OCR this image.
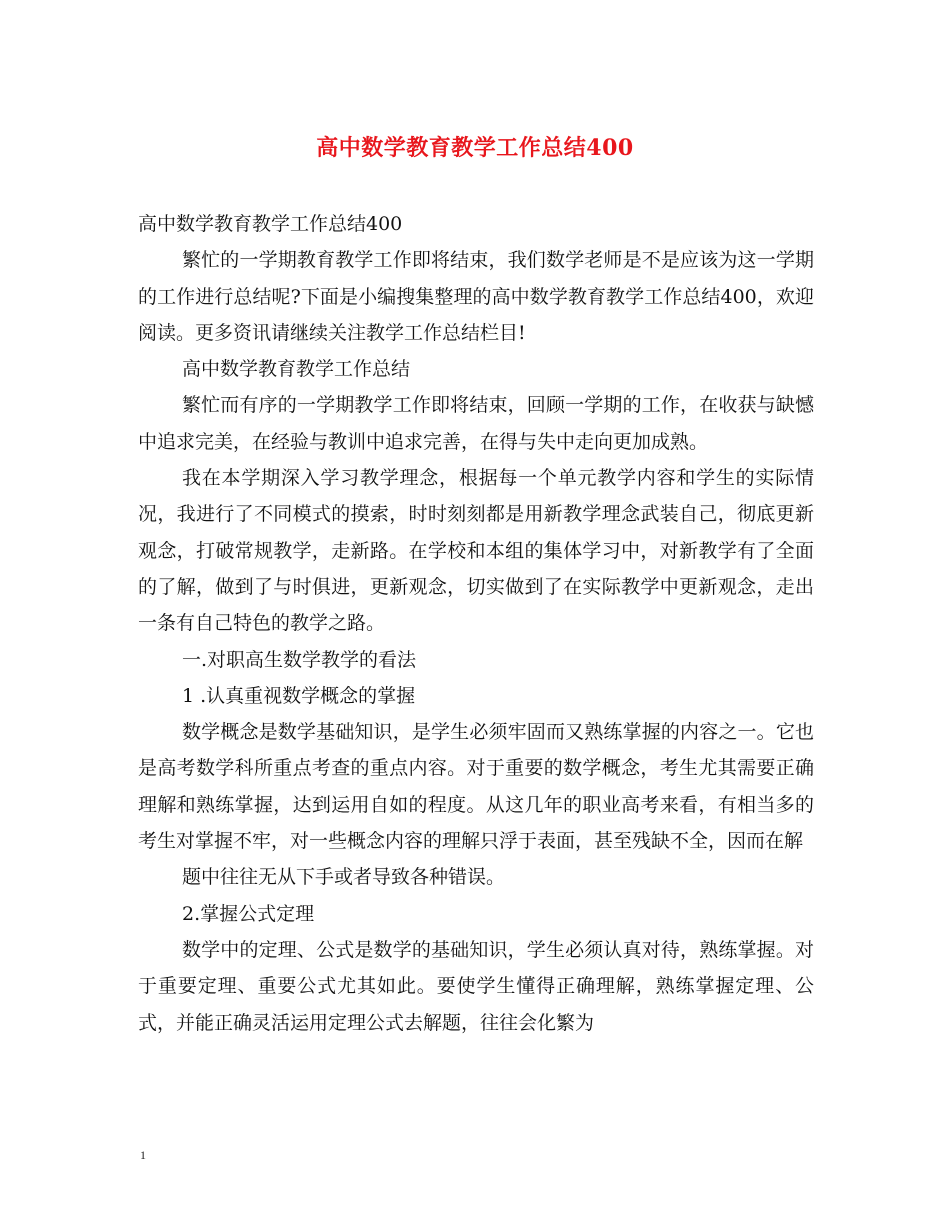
高中数学教育教学工作总结400

高中数学教育教学工作总结400

繁忙的一学期教育教学工作即将结束，我们数学老师是不是应该为这一学期的工作进行总结呢?下面是小编搜集整理的高中数学教育教学工作总结400，欢迎阅读。更多资讯请继续关注教学工作总结栏目!

高中数学教育教学工作总结

繁忙而有序的一学期教学工作即将结束，回顾一学期的工作，在收获与缺憾中追求完美，在经验与教训中追求完善，在得与失中走向更加成熟。

我在本学期深入学习教学理念，根据每一个单元教学内容和学生的实际情况，我进行了不同模式的摸索，时时刻刻都是用新教学理念武装自己，彻底更新观念，打破常规教学，走新路。在学校和本组的集体学习中，对新教学有了全面的了解，做到了与时俱进，更新观念，切实做到了在实际教学中更新观念，走出一条有自己特色的教学之路。

一.对职高生数学教学的看法

1 .认真重视数学概念的掌握

数学概念是数学基础知识，是学生必须牢固而又熟练掌握的内容之一。它也是高考数学科所重点考查的重点内容。对于重要的数学概念，考生尤其需要正确理解和熟练掌握，达到运用自如的程度。从这几年的职业高考来看，有相当多的考生对掌握不牢，对一些概念内容的理解只浮于表面，甚至残缺不全，因而在解

题中往往无从下手或者导致各种错误。

2.掌握公式定理

数学中的定理、公式是数学的基础知识，学生必须认真对待，熟练掌握。对于重要定理、重要公式尤其如此。要使学生懂得正确理解，熟练掌握定理、公式，并能正确灵活运用定理公式去解题，往往会化繁为

1
